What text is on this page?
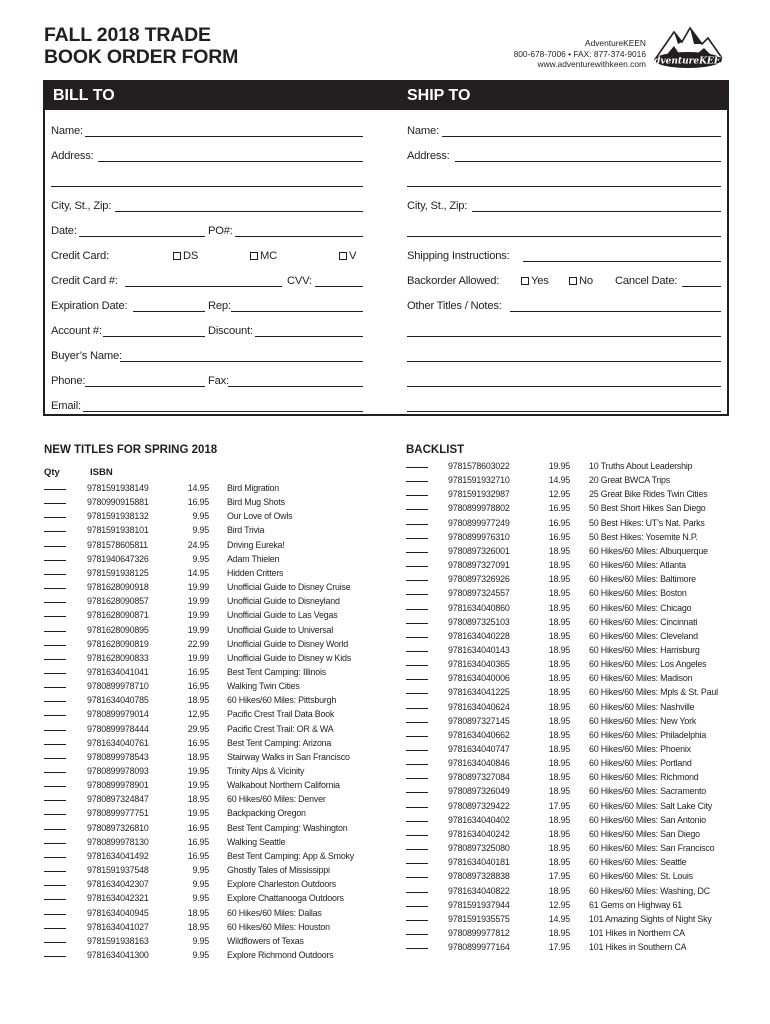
FALL 2018 TRADE
BOOK ORDER FORM
AdventureKEEN
800-678-7006 • FAX: 877-374-9016
www.adventurewithkeen.com AdventureKEEN
BILL TO	SHIP TO
Name:
Address:
City, St., Zip:
Date:	PO#:
Credit Card:	DS	MC	V
Credit Card #:	CVV:
Expiration Date:	Rep:
Account #:	Discount:
Buyer’s Name:
Phone:	Fax:
Email:
Name:
Address:
City, St., Zip:
Shipping Instructions:
Backorder Allowed:	Yes	No Cancel Date:
Other Titles / Notes:
NEW TITLES FOR SPRING 2018	BACKLIST
Qty	ISBN
9781591938149	14.95 Bird Migration
9780990915881	16.95 Bird Mug Shots
9781591938132	9.95 Our Love of Owls
9781591938101	9.95 Bird Trivia
9781578605811	24.95 Driving Eureka!
9781940647326	9.95 Adam Thielen
9781591938125	14.95 Hidden Critters
9781628090918	19.99 Unofficial Guide to Disney Cruise
9781628090857	19.99 Unofficial Guide to Disneyland
9781628090871	19.99 Unofficial Guide to Las Vegas
9781628090895	19.99 Unofficial Guide to Universal
9781628090819	22.99 Unofficial Guide to Disney World
9781628090833	19.99 Unofficial Guide to Disney w Kids
9781634041041	16.95 Best Tent Camping: Illinois
9780899978710	16.95 Walking Twin Cities
9781634040785	18.95 60 Hikes/60 Miles: Pittsburgh
9780899979014	12.95 Pacific Crest Trail Data Book
9780899978444	29.95 Pacific Crest Trail: OR & WA
9781634040761	16.95 Best Tent Camping: Arizona
9780899978543	18.95 Stairway Walks in San Francisco
9780899978093	19.95 Trinity Alps & Vicinity
9780899978901	19.95 Walkabout Northern California
9780897324847	18.95 60 Hikes/60 Miles: Denver
9780899977751	19.95 Backpacking Oregon
9780897326810	16.95 Best Tent Camping: Washington
9780899978130	16.95 Walking Seattle
9781634041492	16.95 Best Tent Camping: App & Smoky
9781591937548	9.95 Ghostly Tales of Mississippi
9781634042307	9.95 Explore Charleston Outdoors
9781634042321	9.95 Explore Chattanooga Outdoors
9781634040945	18.95 60 Hikes/60 Miles: Dallas
9781634041027	18.95 60 Hikes/60 Miles: Houston
9781591938163	9.95 Wildflowers of Texas
9781634041300	9.95 Explore Richmond Outdoors
9781578603022	19.95 10 Truths About Leadership
9781591932710	14.95 20 Great BWCA Trips
9781591932987	12.95 25 Great Bike Rides Twin Cities
9780899978802	16.95 50 Best Short Hikes San Diego
9780899977249	16.95 50 Best Hikes: UT’s Nat. Parks
9780899976310	16.95 50 Best Hikes: Yosemite N.P.
9780897326001	18.95 60 Hikes/60 Miles: Albuquerque
9780897327091	18.95 60 Hikes/60 Miles: Atlanta
9780897326926	18.95 60 Hikes/60 Miles: Baltimore
9780897324557	18.95 60 Hikes/60 Miles: Boston
9781634040860	18.95 60 Hikes/60 Miles: Chicago
9780897325103	18.95 60 Hikes/60 Miles: Cincinnati
9781634040228	18.95 60 Hikes/60 Miles: Cleveland
9781634040143	18.95 60 Hikes/60 Miles: Harrisburg
9781634040365	18.95 60 Hikes/60 Miles: Los Angeles
9781634040006	18.95 60 Hikes/60 Miles: Madison
9781634041225	18.95 60 Hikes/60 Miles: Mpls & St. Paul
9781634040624	18.95 60 Hikes/60 Miles: Nashville
9780897327145	18.95 60 Hikes/60 Miles: New York
9781634040662	18.95 60 Hikes/60 Miles: Philadelphia
9781634040747	18.95 60 Hikes/60 Miles: Phoenix
9781634040846	18.95 60 Hikes/60 Miles: Portland
9780897327084	18.95 60 Hikes/60 Miles: Richmond
9780897326049	18.95 60 Hikes/60 Miles: Sacramento
9780897329422	17.95 60 Hikes/60 Miles: Salt Lake City
9781634040402	18.95 60 Hikes/60 Miles: San Antonio
9781634040242	18.95 60 Hikes/60 Miles: San Diego
9780897325080	18.95 60 Hikes/60 Miles: San Francisco
9781634040181	18.95 60 Hikes/60 Miles: Seattle
9780897328838	17.95 60 Hikes/60 Miles: St. Louis
9781634040822	18.95 60 Hikes/60 Miles: Washing, DC
9781591937944	12.95 61 Gems on Highway 61
9781591935575	14.95 101 Amazing Sights of Night Sky
9780899977812	18.95 101 Hikes in Northern CA
9780899977164	17.95 101 Hikes in Southern CA
